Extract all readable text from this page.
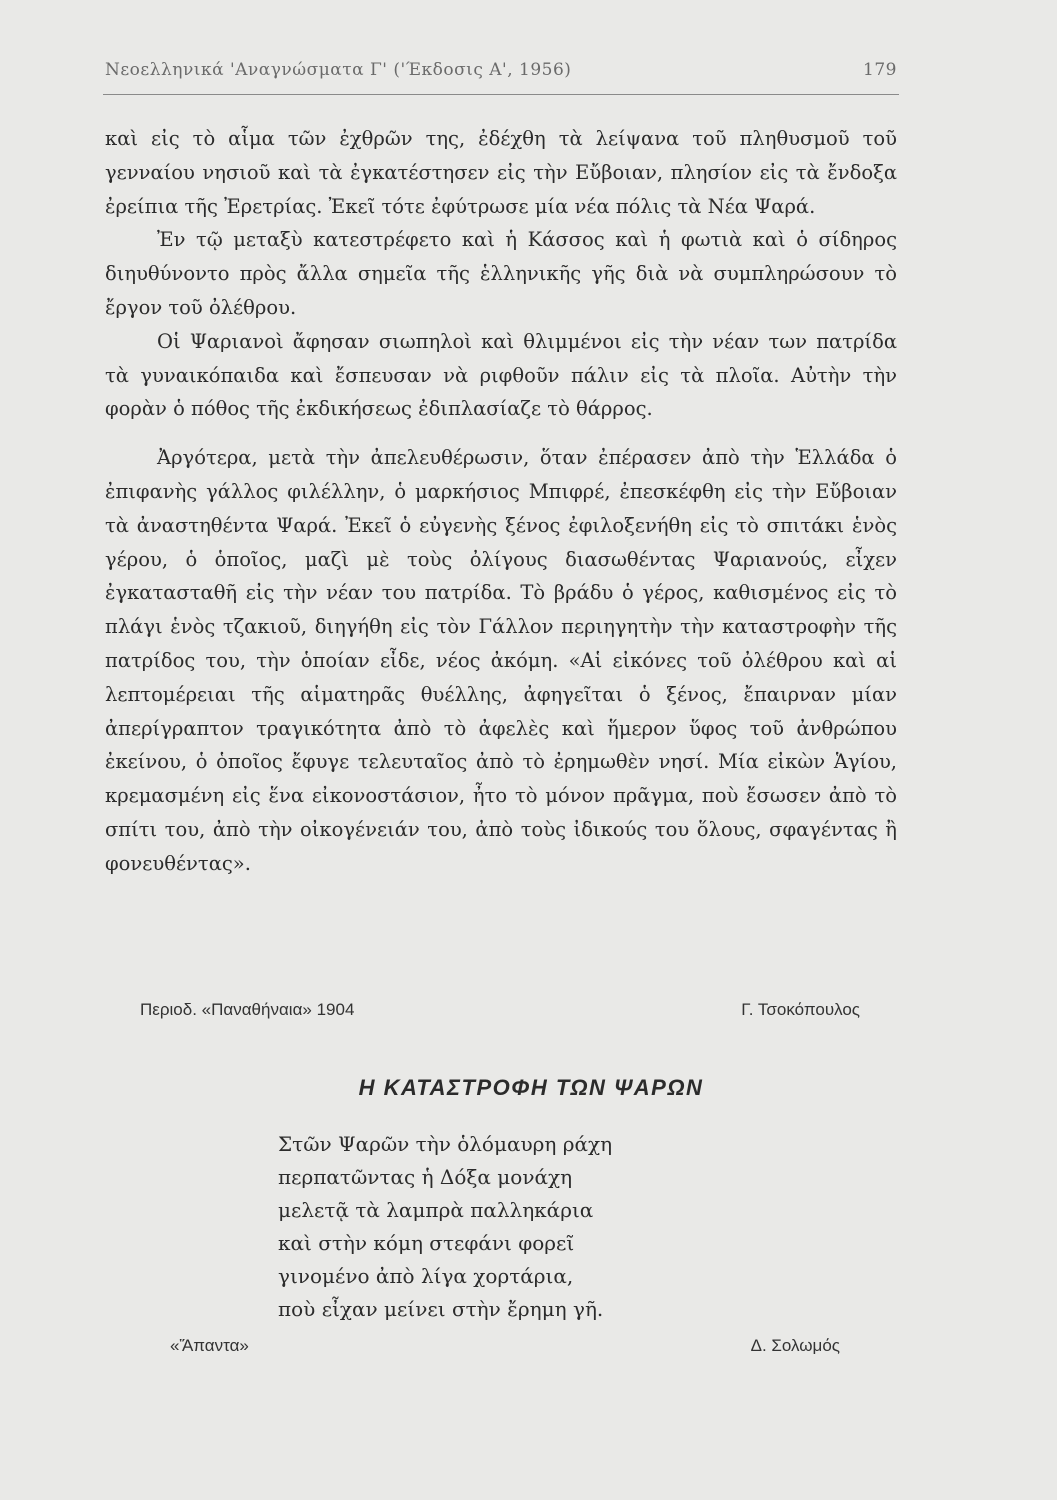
Νεοελληνικά 'Αναγνώσματα Γ' ('Έκδοσις Α', 1956)	179

καὶ εἰς τὸ αἷμα τῶν ἐχθρῶν της, ἐδέχθη τὰ λείψανα τοῦ πληθυσμοῦ τοῦ γενναίου νησιοῦ καὶ τὰ ἐγκατέστησεν εἰς τὴν Εὔβοιαν, πλησίον εἰς τὰ ἔνδοξα ἐρείπια τῆς Ἐρετρίας. Ἐκεῖ τότε ἐφύτρωσε μία νέα πόλις τὰ Νέα Ψαρά.

Ἐν τῷ μεταξὺ κατεστρέφετο καὶ ἡ Κάσσος καὶ ἡ φωτιὰ καὶ ὁ σίδηρος διηυθύνοντο πρὸς ἄλλα σημεῖα τῆς ἑλληνικῆς γῆς διὰ νὰ συμπληρώσουν τὸ ἔργον τοῦ ὀλέθρου.

Οἱ Ψαριανοὶ ἄφησαν σιωπηλοὶ καὶ θλιμμένοι εἰς τὴν νέαν των πατρίδα τὰ γυναικόπαιδα καὶ ἔσπευσαν νὰ ριφθοῦν πάλιν εἰς τὰ πλοῖα. Αὐτὴν τὴν φορὰν ὁ πόθος τῆς ἐκδικήσεως ἐδιπλασίαζε τὸ θάρρος.

Ἀργότερα, μετὰ τὴν ἀπελευθέρωσιν, ὅταν ἐπέρασεν ἀπὸ τὴν Ἑλλάδα ὁ ἐπιφανὴς γάλλος φιλέλλην, ὁ μαρκήσιος Μπιφρέ, ἐπεσκέφθη εἰς τὴν Εὔβοιαν τὰ ἀναστηθέντα Ψαρά. Ἐκεῖ ὁ εὐγενὴς ξένος ἐφιλοξενήθη εἰς τὸ σπιτάκι ἑνὸς γέρου, ὁ ὁποῖος, μαζὶ μὲ τοὺς ὀλίγους διασωθέντας Ψαριανούς, εἶχεν ἐγκατασταθῆ εἰς τὴν νέαν του πατρίδα. Τὸ βράδυ ὁ γέρος, καθισμένος εἰς τὸ πλάγι ἑνὸς τζακιοῦ, διηγήθη εἰς τὸν Γάλλον περιηγητὴν τὴν καταστροφὴν τῆς πατρίδος του, τὴν ὁποίαν εἶδε, νέος ἀκόμη. «Αἱ εἰκόνες τοῦ ὀλέθρου καὶ αἱ λεπτομέρειαι τῆς αἱματηρᾶς θυέλλης, ἀφηγεῖται ὁ ξένος, ἔπαιρναν μίαν ἀπερίγραπτον τραγικότητα ἀπὸ τὸ ἀφελὲς καὶ ἥμερον ὕφος τοῦ ἀνθρώπου ἐκείνου, ὁ ὁποῖος ἔφυγε τελευταῖος ἀπὸ τὸ ἐρημωθὲν νησί. Μία εἰκὼν Ἁγίου, κρεμασμένη εἰς ἕνα εἰκονοστάσιον, ἦτο τὸ μόνον πρᾶγμα, ποὺ ἔσωσεν ἀπὸ τὸ σπίτι του, ἀπὸ τὴν οἰκογένειάν του, ἀπὸ τοὺς ἰδικούς του ὅλους, σφαγέντας ἢ φονευθέντας».

Περιοδ. «Παναθήναια» 1904	Γ. Τσοκόπουλος
Η ΚΑΤΑΣΤΡΟΦΗ ΤΩΝ ΨΑΡΩΝ
Στῶν Ψαρῶν τὴν ὁλόμαυρη ράχη
περπατῶντας ἡ Δόξα μονάχη
μελετᾷ τὰ λαμπρὰ παλληκάρια
καὶ στὴν κόμη στεφάνι φορεῖ
γινομένο ἀπὸ λίγα χορτάρια,
ποὺ εἶχαν μείνει στὴν ἔρημη γῆ.
«Ἅπαντα»	Δ. Σολωμός
